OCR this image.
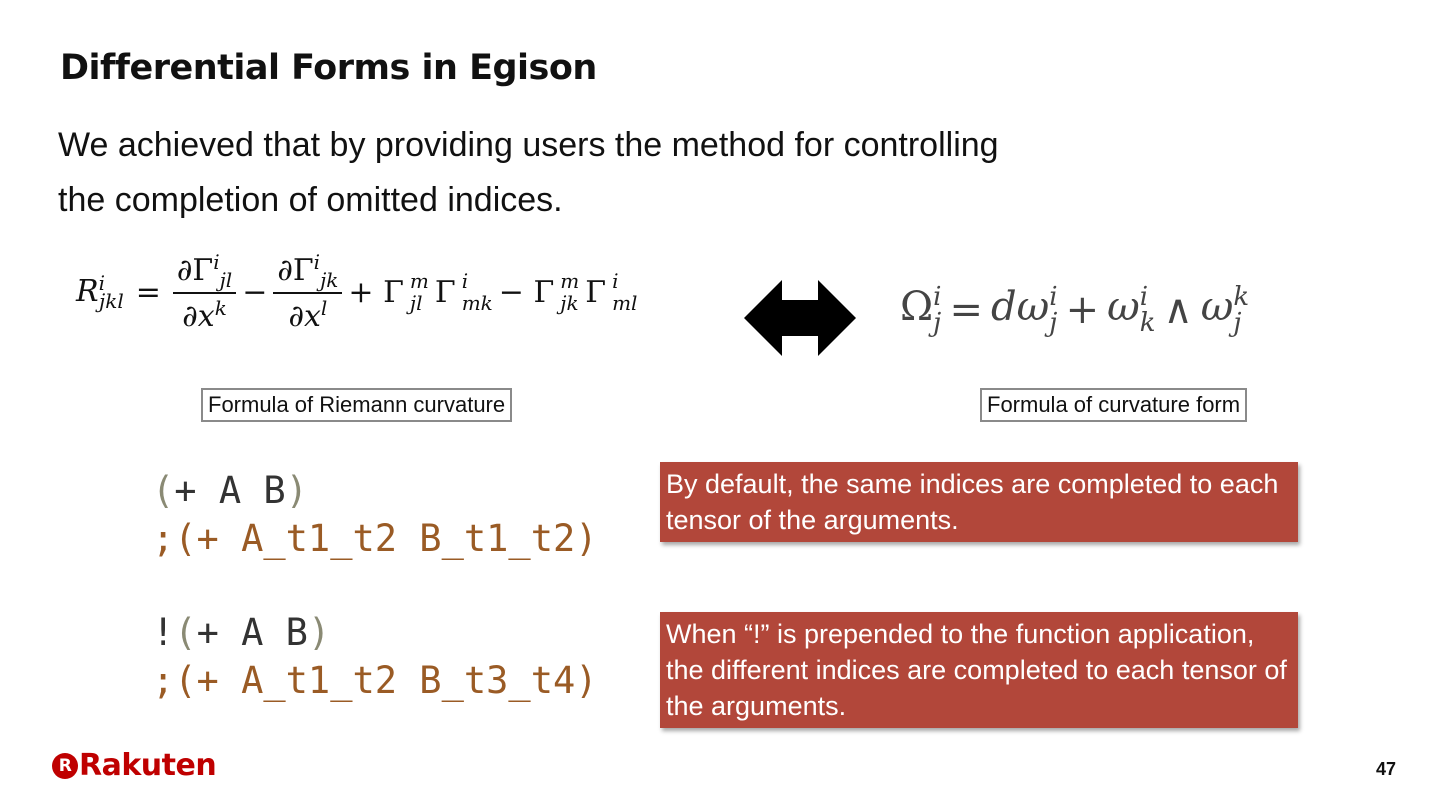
Differential Forms in Egison
We achieved that by providing users the method for controlling
the completion of omitted indices.
$R^i_{jkl} = \frac{\partial\Gamma^i_{jl}}{\partial x^k} - \frac{\partial\Gamma^i_{jk}}{\partial x^l} + \Gamma$ m
jl Γ i
mk − Γ m
jk Γ i
ml	Ω i
j = dω i
j + ω i
k ∧ ω k
j
Formula of Riemann curvature	Formula of curvature form
(+ A B)
;(+ A_t1_t2 B_t1_t2)
!(+ A B)
;(+ A_t1_t2 B_t3_t4)
By default, the same indices are completed to each tensor of the arguments.
When “!” is prepended to the function application, the different indices are completed to each tensor of the arguments.
R Rakuten	47
